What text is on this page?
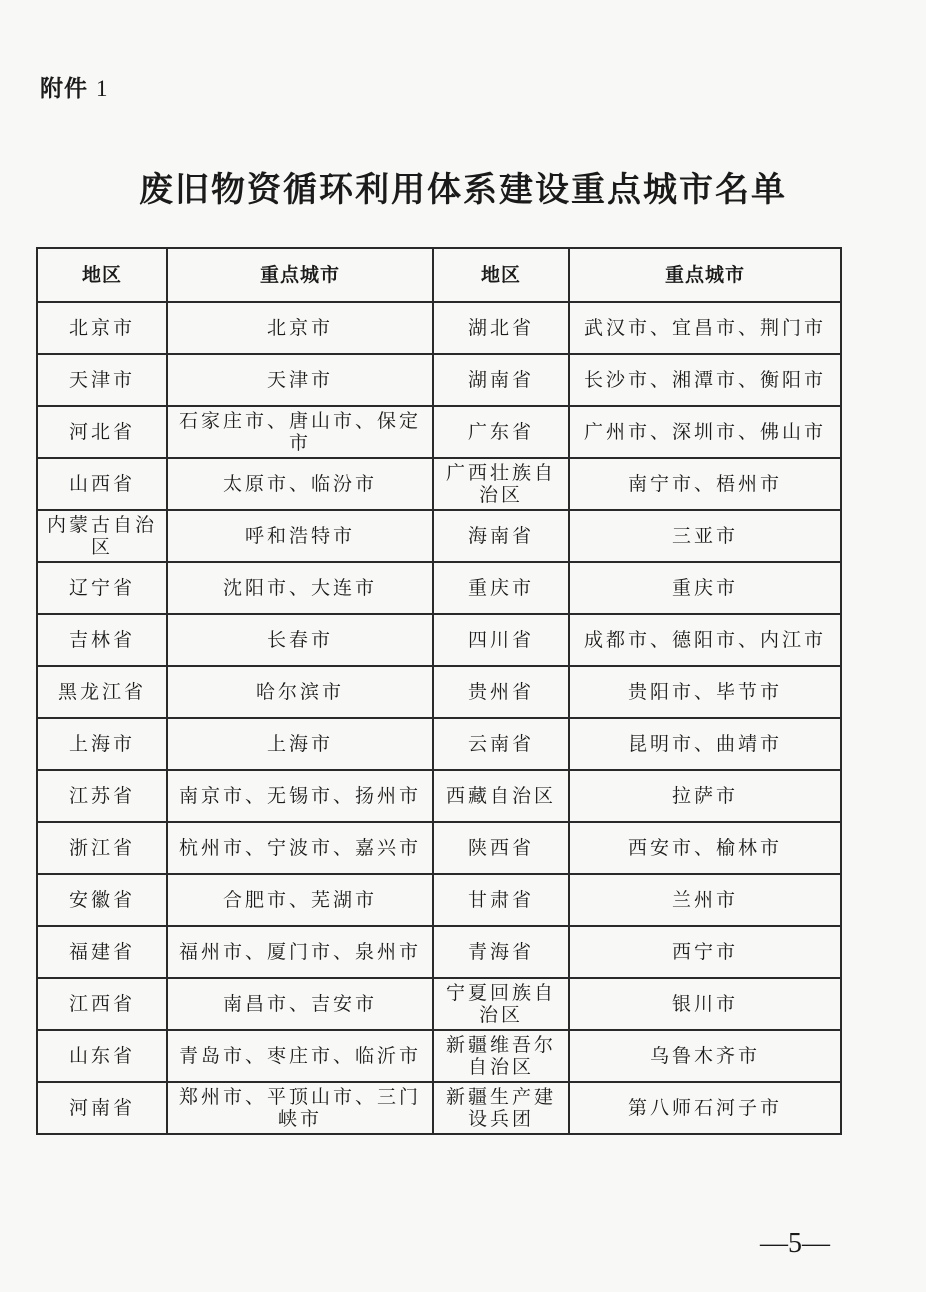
附件 1
废旧物资循环利用体系建设重点城市名单
地区	重点城市	地区	重点城市
北京市	北京市	湖北省	武汉市、宜昌市、荆门市
天津市	天津市	湖南省	长沙市、湘潭市、衡阳市
河北省	石家庄市、唐山市、保定市	广东省	广州市、深圳市、佛山市
山西省	太原市、临汾市	广西壮族自治区	南宁市、梧州市
内蒙古自治区	呼和浩特市	海南省	三亚市
辽宁省	沈阳市、大连市	重庆市	重庆市
吉林省	长春市	四川省	成都市、德阳市、内江市
黑龙江省	哈尔滨市	贵州省	贵阳市、毕节市
上海市	上海市	云南省	昆明市、曲靖市
江苏省	南京市、无锡市、扬州市	西藏自治区	拉萨市
浙江省	杭州市、宁波市、嘉兴市	陕西省	西安市、榆林市
安徽省	合肥市、芜湖市	甘肃省	兰州市
福建省	福州市、厦门市、泉州市	青海省	西宁市
江西省	南昌市、吉安市	宁夏回族自治区	银川市
山东省	青岛市、枣庄市、临沂市	新疆维吾尔自治区	乌鲁木齐市
河南省	郑州市、平顶山市、三门峡市	新疆生产建设兵团	第八师石河子市
—5—
